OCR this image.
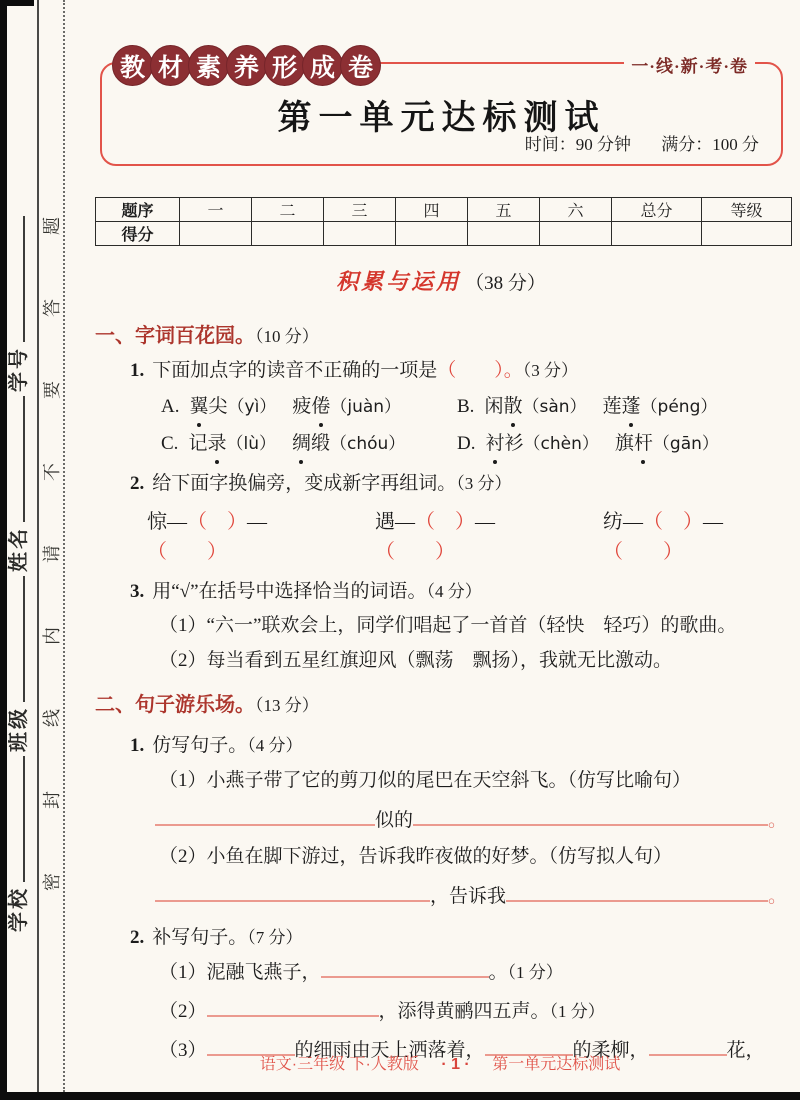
学校
班级
姓名
学号
密
封
线
内
请
不
要
答
题
一·线·新·考·卷
第一单元达标测试
时间：90 分钟 满分：100 分
教 材 素 养 形 成 卷
题序	一	二	三	四	五	六	总分	等级
得分								
积累与运用 （38 分）
一、字词百花园。（10 分）
1. 下面加点字的读音不正确的一项是（　　）。（3 分）
A. 翼尖（yì） 疲倦（juàn）	B. 闲散（sàn） 莲蓬（péng）
C. 记录（lù） 绸缎（chóu）	D. 衬衫（chèn） 旗杆（gān）
2. 给下面字换偏旁，变成新字再组词。（3 分）
惊—（　）—（　　）
遇—（　）—（　　）
纺—（　）—（　　）
3. 用“√”在括号中选择恰当的词语。（4 分）
（1）“六一”联欢会上，同学们唱起了一首首（轻快　轻巧）的歌曲。
（2）每当看到五星红旗迎风（飘荡　飘扬），我就无比激动。
二、句子游乐场。（13 分）
1. 仿写句子。（4 分）
（1）小燕子带了它的剪刀似的尾巴在天空斜飞。（仿写比喻句）
似的	。
（2）小鱼在脚下游过，告诉我昨夜做的好梦。（仿写拟人句）
，告诉我	。
2. 补写句子。（7 分）
（1）泥融飞燕子，	。（1 分）
（2）	，添得黄鹂四五声。（1 分）
（3）	的细雨由天上洒落着，	的柔柳，	花，
语文·三年级 下·人教版 · 1 · 第一单元达标测试
